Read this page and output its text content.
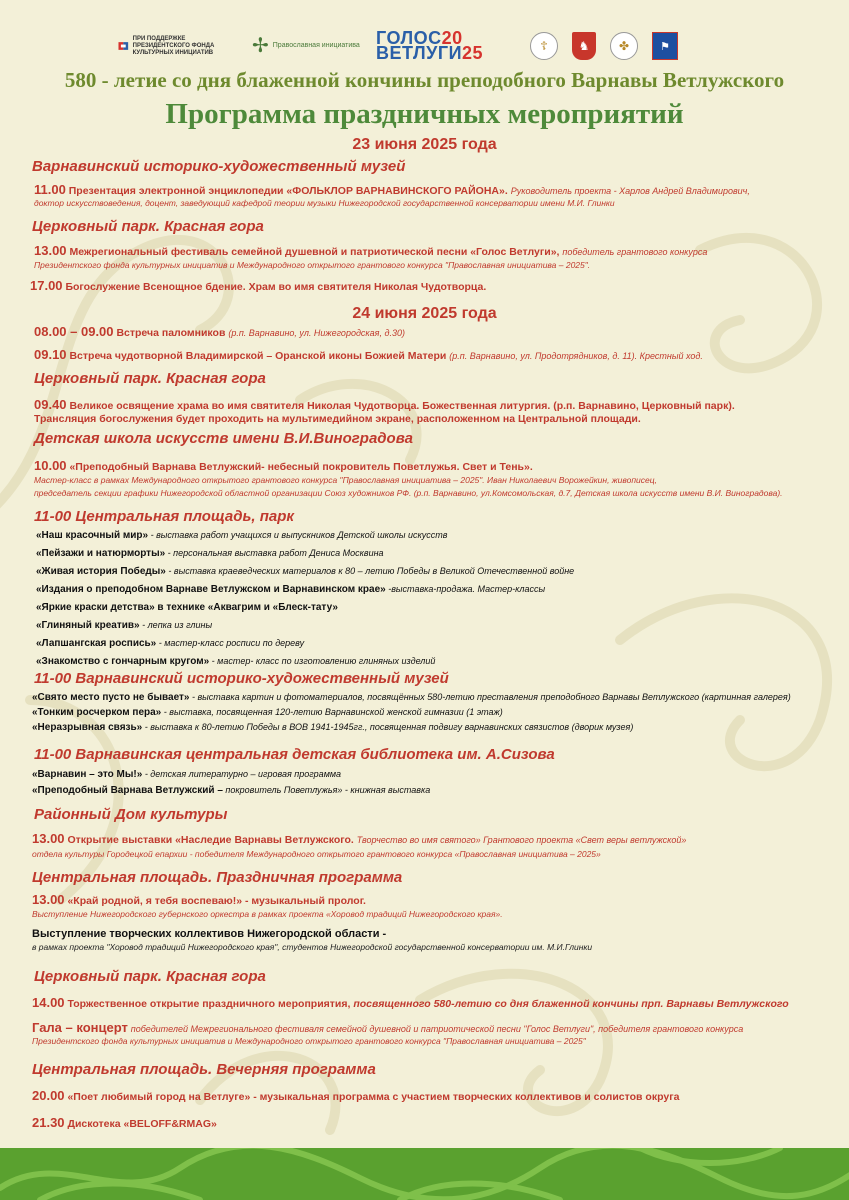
ПРИ ПОДДЕРЖКЕ ПРЕЗИДЕНТСКОГО ФОНДА КУЛЬТУРНЫХ ИНИЦИАТИВ	✢ Православная инициатива ГОЛОС20
ВЕТЛУГИ25	☦	♞	✤	⚑
580 - летие со дня блаженной кончины преподобного Варнавы Ветлужского
Программа праздничных мероприятий
23 июня 2025 года
Варнавинский историко-художественный музей
11.00 Презентация электронной энциклопедии «ФОЛЬКЛОР ВАРНАВИНСКОГО РАЙОНА». Руководитель проекта - Харлов Андрей Владимирович,
доктор искусствоведения, доцент, заведующий кафедрой теории музыки Нижегородской государственной консерватории имени М.И. Глинки
Церковный парк. Красная гора
13.00 Межрегиональный фестиваль семейной душевной и патриотической песни «Голос Ветлуги», победитель грантового конкурса
Президентского фонда культурных инициатив и Международного открытого грантового конкурса "Православная инициатива – 2025".
17.00 Богослужение Всенощное бдение. Храм во имя святителя Николая Чудотворца.
24 июня 2025 года
08.00 – 09.00 Встреча паломников (р.п. Варнавино, ул. Нижегородская, д.30)
09.10 Встреча чудотворной Владимирской – Оранской иконы Божией Матери (р.п. Варнавино, ул. Продотрядников, д. 11). Крестный ход.
Церковный парк. Красная гора
09.40 Великое освящение храма во имя святителя Николая Чудотворца. Божественная литургия. (р.п. Варнавино, Церковный парк).
Трансляция богослужения будет проходить на мультимедийном экране, расположенном на Центральной площади.
Детская школа искусств имени В.И.Виноградова
10.00 «Преподобный Варнава Ветлужский- небесный покровитель Поветлужья. Свет и Тень».
Мастер-класс в рамках Международного открытого грантового конкурса "Православная инициатива – 2025". Иван Николаевич Ворожейкин, живописец,
председатель секции графики Нижегородской областной организации Союз художников РФ. (р.п. Варнавино, ул.Комсомольская, д.7, Детская школа искусств имени В.И. Виноградова).
11-00 Центральная площадь, парк
«Наш красочный мир» - выставка работ учащихся и выпускников Детской школы искусств
«Пейзажи и натюрморты» - персональная выставка работ Дениса Москвина
«Живая история Победы» - выставка краеведческих материалов к 80 – летию Победы в Великой Отечественной войне
«Издания о преподобном Варнаве Ветлужском и Варнавинском крае» -выставка-продажа. Мастер-классы
«Яркие краски детства» в технике «Аквагрим и «Блеск-тату»
«Глиняный креатив» - лепка из глины
«Лапшангская роспись» - мастер-класс росписи по дереву
«Знакомство с гончарным кругом» - мастер- класс по изготовлению глиняных изделий
11-00 Варнавинский историко-художественный музей
«Свято место пусто не бывает» - выставка картин и фотоматериалов, посвящённых 580-летию преставления преподобного Варнавы Ветлужского (картинная галерея)
«Тонким росчерком пера» - выставка, посвященная 120-летию Варнавинской женской гимназии (1 этаж)
«Неразрывная связь» - выставка к 80-летию Победы в ВОВ 1941-1945гг., посвященная подвигу варнавинских связистов (дворик музея)
11-00 Варнавинская центральная детская библиотека им. А.Сизова
«Варнавин – это Мы!» - детская литературно – игровая программа
«Преподобный Варнава Ветлужский – покровитель Поветлужья» - книжная выставка
Районный Дом культуры
13.00 Открытие выставки «Наследие Варнавы Ветлужского. Творчество во имя святого» Грантового проекта «Свет веры ветлужской»
отдела культуры Городецкой епархии - победителя Международного открытого грантового конкурса «Православная инициатива – 2025»
Центральная площадь. Праздничная программа
13.00 «Край родной, я тебя воспеваю!» - музыкальный пролог.
Выступление Нижегородского губернского оркестра в рамках проекта «Хоровод традиций Нижегородского края».
Выступление творческих коллективов Нижегородской области -
в рамках проекта "Хоровод традиций Нижегородского края", студентов Нижегородской государственной консерватории им. М.И.Глинки
Церковный парк. Красная гора
14.00 Торжественное открытие праздничного мероприятия, посвященного 580-летию со дня блаженной кончины прп. Варнавы Ветлужского
Гала – концерт победителей Межрегионального фестиваля семейной душевной и патриотической песни "Голос Ветлуги", победителя грантового конкурса
Президентского фонда культурных инициатив и Международного открытого грантового конкурса "Православная инициатива – 2025"
Центральная площадь. Вечерняя программа
20.00 «Поет любимый город на Ветлуге» - музыкальная программа с участием творческих коллективов и солистов округа
21.30 Дискотека «BELOFF&RMAG»
